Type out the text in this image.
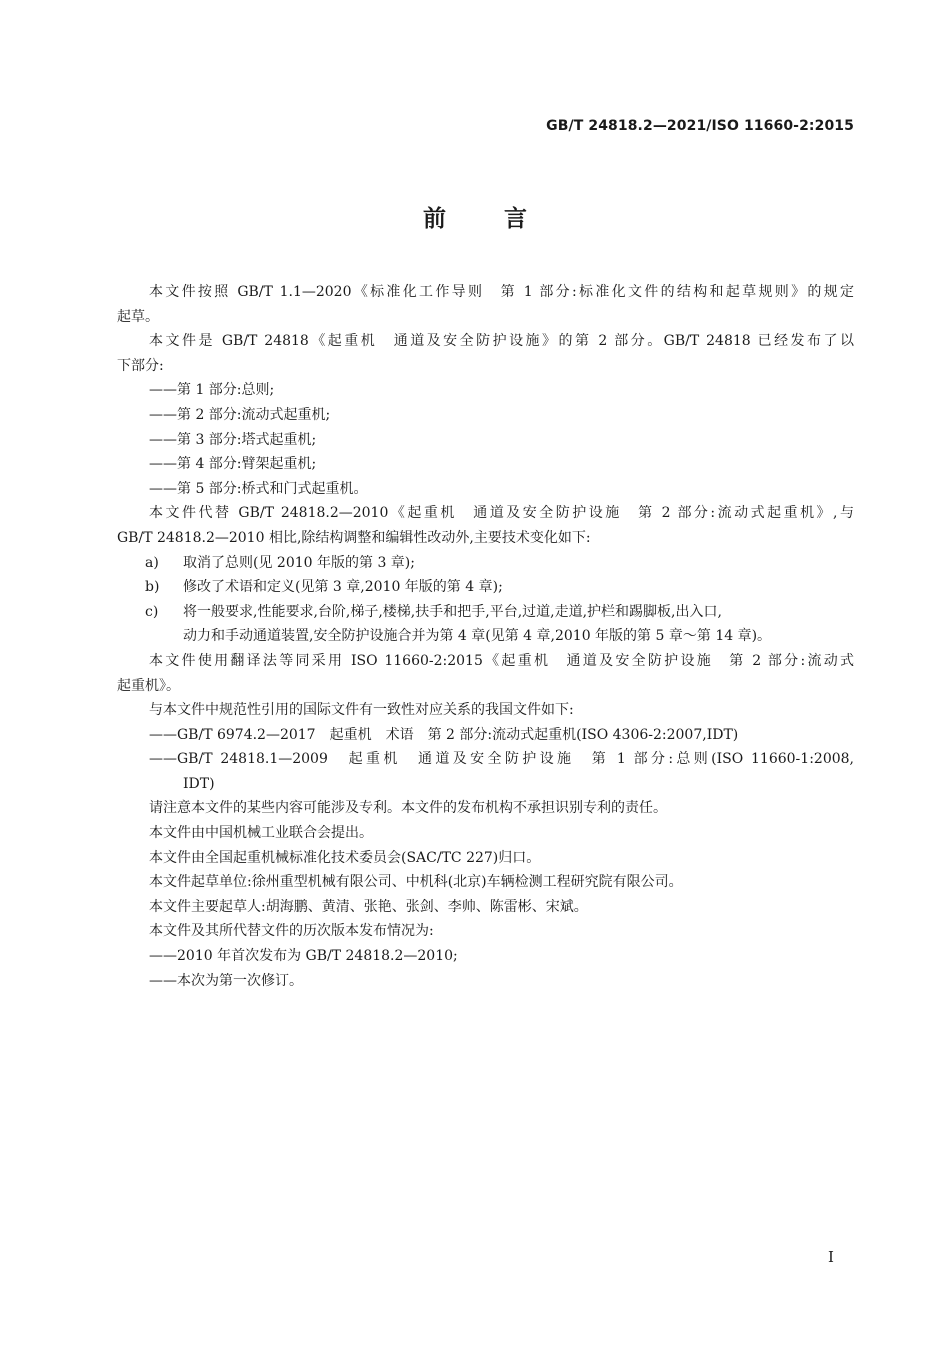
GB/T 24818.2—2021/ISO 11660-2:2015
前言
本文件按照 GB/T 1.1—2020《标准化工作导则　第 1 部分:标准化文件的结构和起草规则》的规定
起草。
本文件是 GB/T 24818《起重机　通道及安全防护设施》的第 2 部分。GB/T 24818 已经发布了以
下部分:
——第 1 部分:总则;
——第 2 部分:流动式起重机;
——第 3 部分:塔式起重机;
——第 4 部分:臂架起重机;
——第 5 部分:桥式和门式起重机。
本文件代替 GB/T 24818.2—2010《起重机　通道及安全防护设施　第 2 部分:流动式起重机》,与
GB/T 24818.2—2010 相比,除结构调整和编辑性改动外,主要技术变化如下:
a) 取消了总则(见 2010 年版的第 3 章);
b) 修改了术语和定义(见第 3 章,2010 年版的第 4 章);
c) 将一般要求,性能要求,台阶,梯子,楼梯,扶手和把手,平台,过道,走道,护栏和踢脚板,出入口,
动力和手动通道装置,安全防护设施合并为第 4 章(见第 4 章,2010 年版的第 5 章～第 14 章)。
本文件使用翻译法等同采用 ISO 11660-2:2015《起重机　通道及安全防护设施　第 2 部分:流动式
起重机》。
与本文件中规范性引用的国际文件有一致性对应关系的我国文件如下:
——GB/T 6974.2—2017　起重机　术语　第 2 部分:流动式起重机(ISO 4306-2:2007,IDT)
——GB/T 24818.1—2009　起重机　通道及安全防护设施　第 1 部分:总则(ISO 11660-1:2008,
IDT)
请注意本文件的某些内容可能涉及专利。本文件的发布机构不承担识别专利的责任。
本文件由中国机械工业联合会提出。
本文件由全国起重机械标准化技术委员会(SAC/TC 227)归口。
本文件起草单位:徐州重型机械有限公司、中机科(北京)车辆检测工程研究院有限公司。
本文件主要起草人:胡海鹏、黄清、张艳、张剑、李帅、陈雷彬、宋斌。
本文件及其所代替文件的历次版本发布情况为:
——2010 年首次发布为 GB/T 24818.2—2010;
——本次为第一次修订。
I
